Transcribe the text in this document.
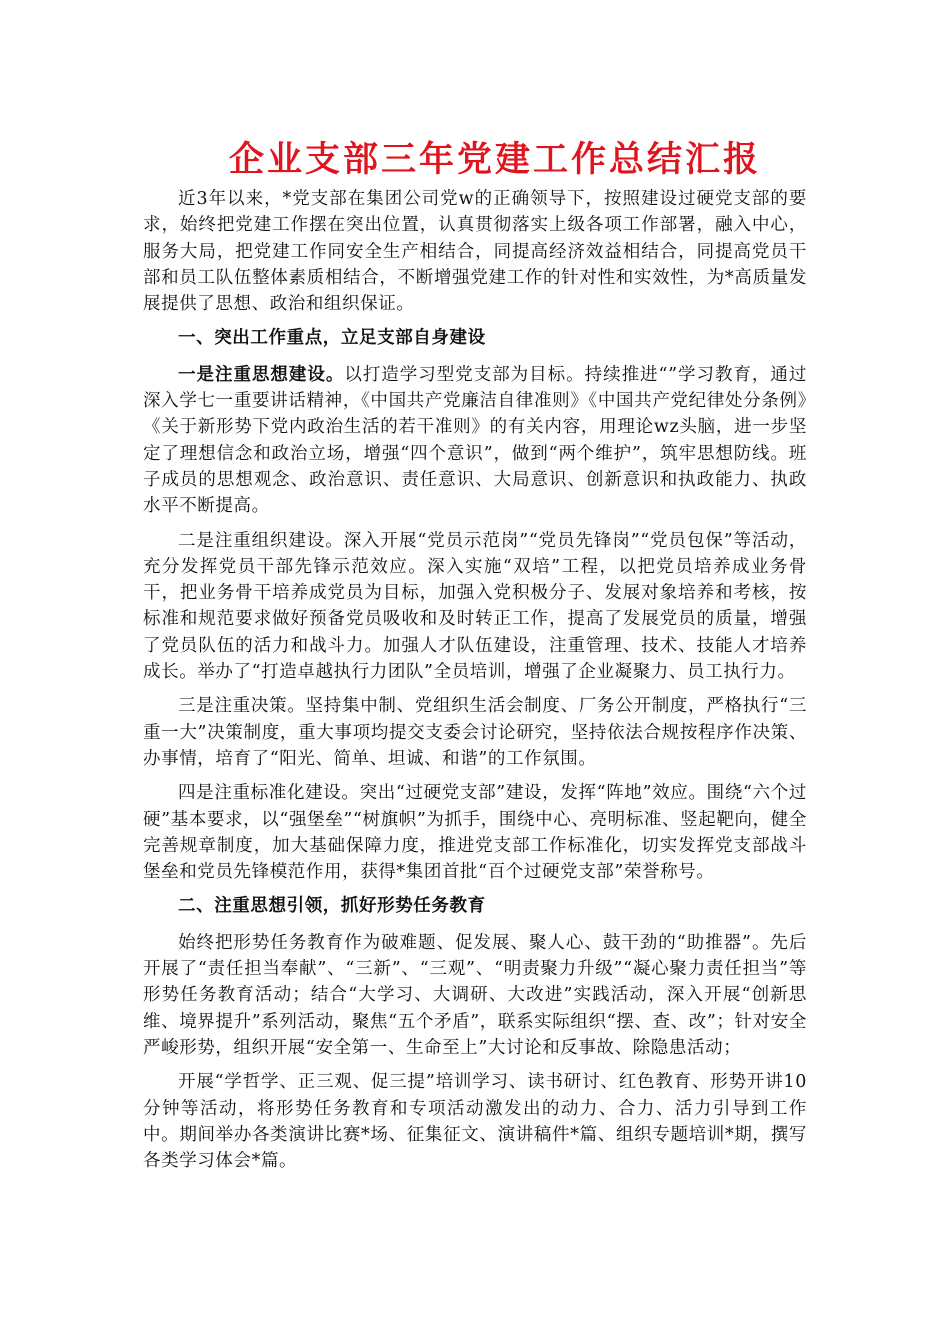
企业支部三年党建工作总结汇报

近3年以来，*党支部在集团公司党w的正确领导下，按照建设过硬党支部的要求，始终把党建工作摆在突出位置，认真贯彻落实上级各项工作部署，融入中心，服务大局，把党建工作同安全生产相结合，同提高经济效益相结合，同提高党员干部和员工队伍整体素质相结合，不断增强党建工作的针对性和实效性，为*高质量发展提供了思想、政治和组织保证。

一、突出工作重点，立足支部自身建设

一是注重思想建设。以打造学习型党支部为目标。持续推进“”学习教育，通过深入学七一重要讲话精神，《中国共产党廉洁自律准则》《中国共产党纪律处分条例》《关于新形势下党内政治生活的若干准则》的有关内容，用理论wz头脑，进一步坚定了理想信念和政治立场，增强“四个意识”，做到“两个维护”，筑牢思想防线。班子成员的思想观念、政治意识、责任意识、大局意识、创新意识和执政能力、执政水平不断提高。

二是注重组织建设。深入开展“党员示范岗”“党员先锋岗”“党员包保”等活动，充分发挥党员干部先锋示范效应。深入实施“双培”工程，以把党员培养成业务骨干，把业务骨干培养成党员为目标，加强入党积极分子、发展对象培养和考核，按标准和规范要求做好预备党员吸收和及时转正工作，提高了发展党员的质量，增强了党员队伍的活力和战斗力。加强人才队伍建设，注重管理、技术、技能人才培养成长。举办了“打造卓越执行力团队”全员培训，增强了企业凝聚力、员工执行力。

三是注重决策。坚持集中制、党组织生活会制度、厂务公开制度，严格执行“三重一大”决策制度，重大事项均提交支委会讨论研究，坚持依法合规按程序作决策、办事情，培育了“阳光、简单、坦诚、和谐”的工作氛围。

四是注重标准化建设。突出“过硬党支部”建设，发挥“阵地”效应。围绕“六个过硬”基本要求，以“强堡垒”“树旗帜”为抓手，围绕中心、亮明标准、竖起靶向，健全完善规章制度，加大基础保障力度，推进党支部工作标准化，切实发挥党支部战斗堡垒和党员先锋模范作用，获得*集团首批“百个过硬党支部”荣誉称号。

二、注重思想引领，抓好形势任务教育

始终把形势任务教育作为破难题、促发展、聚人心、鼓干劲的“助推器”。先后开展了“责任担当奉献”、“三新”、“三观”、“明责聚力升级”“凝心聚力责任担当”等形势任务教育活动；结合“大学习、大调研、大改进”实践活动，深入开展“创新思维、境界提升”系列活动，聚焦“五个矛盾”，联系实际组织“摆、查、改”；针对安全严峻形势，组织开展“安全第一、生命至上”大讨论和反事故、除隐患活动；

开展“学哲学、正三观、促三提”培训学习、读书研讨、红色教育、形势开讲10分钟等活动，将形势任务教育和专项活动激发出的动力、合力、活力引导到工作中。期间举办各类演讲比赛*场、征集征文、演讲稿件*篇、组织专题培训*期，撰写各类学习体会*篇。
